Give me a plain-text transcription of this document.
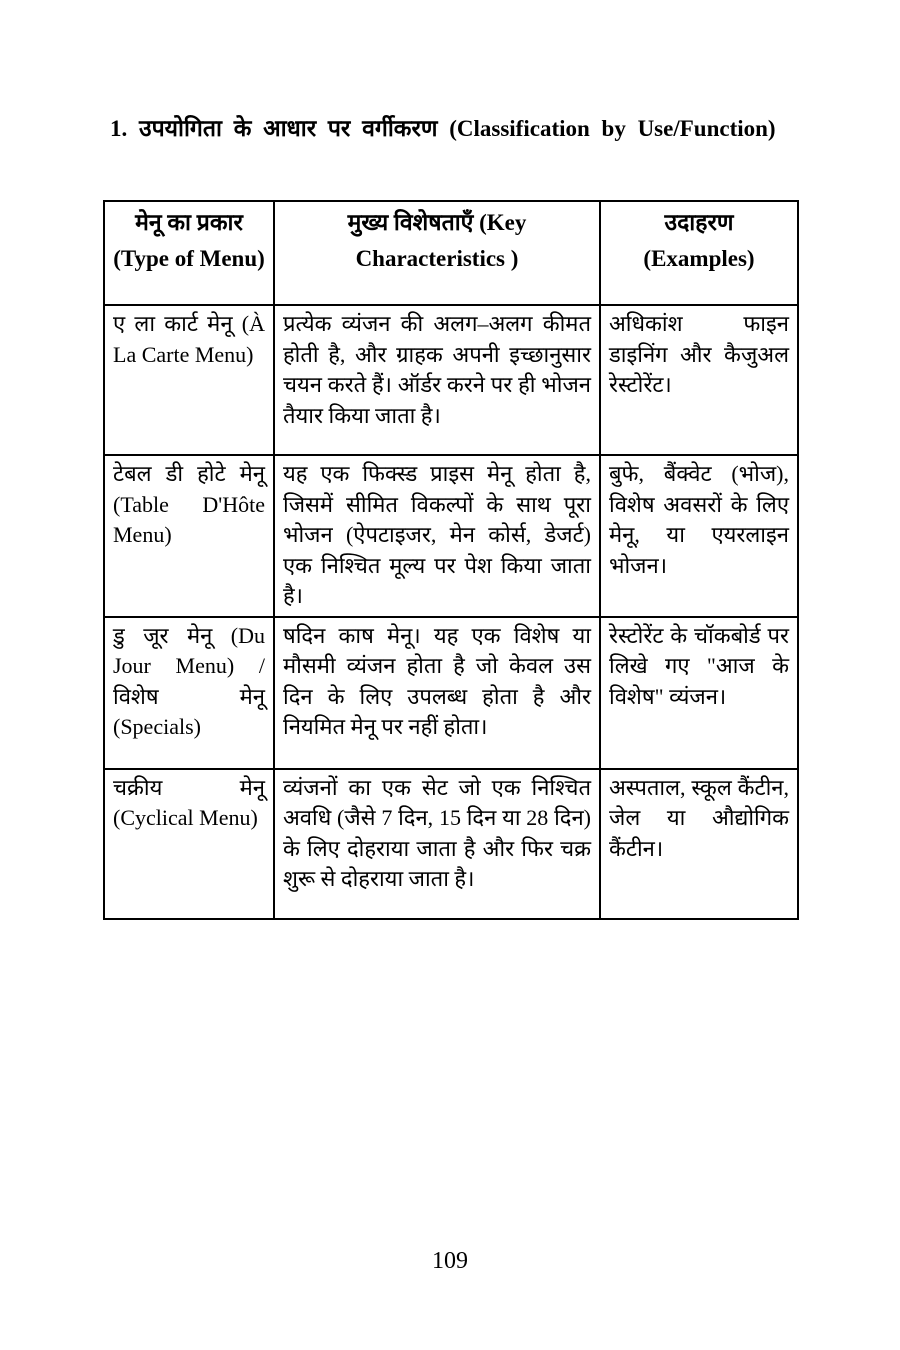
1. उपयोगिता के आधार पर वर्गीकरण (Classification by Use/Function)
मेनू का प्रकार (Type of Menu)	मुख्य विशेषताएँ (Key Characteristics )	उदाहरण (Examples)
ए ला कार्ट मेनू (À La Carte Menu)	प्रत्येक व्यंजन की अलग–अलग कीमत होती है, और ग्राहक अपनी इच्छानुसार चयन करते हैं। ऑर्डर करने पर ही भोजन तैयार किया जाता है।	अधिकांश फाइन डाइनिंग और कैजुअल रेस्टोरेंट।
टेबल डी होटे मेनू (Table D'Hôte Menu)	यह एक फिक्स्ड प्राइस मेनू होता है, जिसमें सीमित विकल्पों के साथ पूरा भोजन (ऐपटाइजर, मेन कोर्स, डेजर्ट) एक निश्चित मूल्य पर पेश किया जाता है।	बुफे, बैंक्वेट (भोज), विशेष अवसरों के लिए मेनू, या एयरलाइन भोजन।
डु जूर मेनू (Du Jour Menu) / विशेष मेनू (Specials)	षदिन काष मेनू। यह एक विशेष या मौसमी व्यंजन होता है जो केवल उस दिन के लिए उपलब्ध होता है और नियमित मेनू पर नहीं होता।	रेस्टोरेंट के चॉकबोर्ड पर लिखे गए "आज के विशेष" व्यंजन।
चक्रीय मेनू (Cyclical Menu)	व्यंजनों का एक सेट जो एक निश्चित अवधि (जैसे 7 दिन, 15 दिन या 28 दिन) के लिए दोहराया जाता है और फिर चक्र शुरू से दोहराया जाता है।	अस्पताल, स्कूल कैंटीन, जेल या औद्योगिक कैंटीन।
109
